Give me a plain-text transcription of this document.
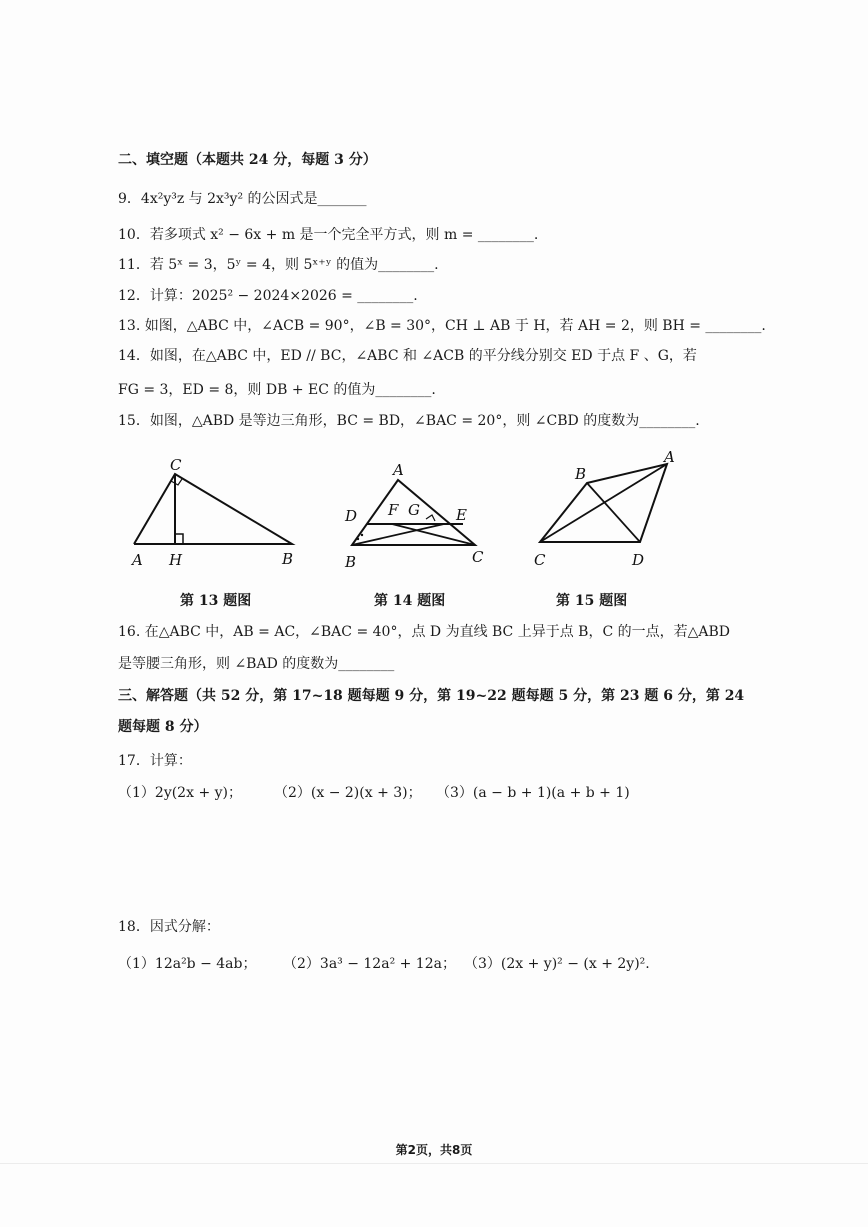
二、填空题（本题共 24 分，每题 3 分）
9．4x²y³z 与 2x³y² 的公因式是_______
10．若多项式 x² − 6x + m 是一个完全平方式，则 m = ________.
11．若 5ˣ = 3，5ʸ = 4，则 5ˣ⁺ʸ 的值为________.
12．计算：2025² − 2024×2026 = ________.
13. 如图，△ABC 中，∠ACB = 90°，∠B = 30°，CH ⊥ AB 于 H，若 AH = 2，则 BH = ________.
14．如图，在△ABC 中，ED // BC，∠ABC 和 ∠ACB 的平分线分别交 ED 于点 F 、G，若
FG = 3，ED = 8，则 DB + EC 的值为________.
15．如图，△ABD 是等边三角形，BC = BD，∠BAC = 20°，则 ∠CBD 的度数为________.
C
A H	B
A
D F G E
B	C
B
A
C	D
第 13 题图	第 14 题图	第 15 题图
16. 在△ABC 中，AB = AC，∠BAC = 40°，点 D 为直线 BC 上异于点 B，C 的一点，若△ABD
是等腰三角形，则 ∠BAD 的度数为________
三、解答题（共 52 分，第 17~18 题每题 9 分，第 19~22 题每题 5 分，第 23 题 6 分，第 24
题每题 8 分）
17．计算：
（1）2y(2x + y)； （2）(x − 2)(x + 3)； （3）(a − b + 1)(a + b + 1)
18．因式分解：
（1）12a²b − 4ab； （2）3a³ − 12a² + 12a； （3）(2x + y)² − (x + 2y)².
第2页，共8页
